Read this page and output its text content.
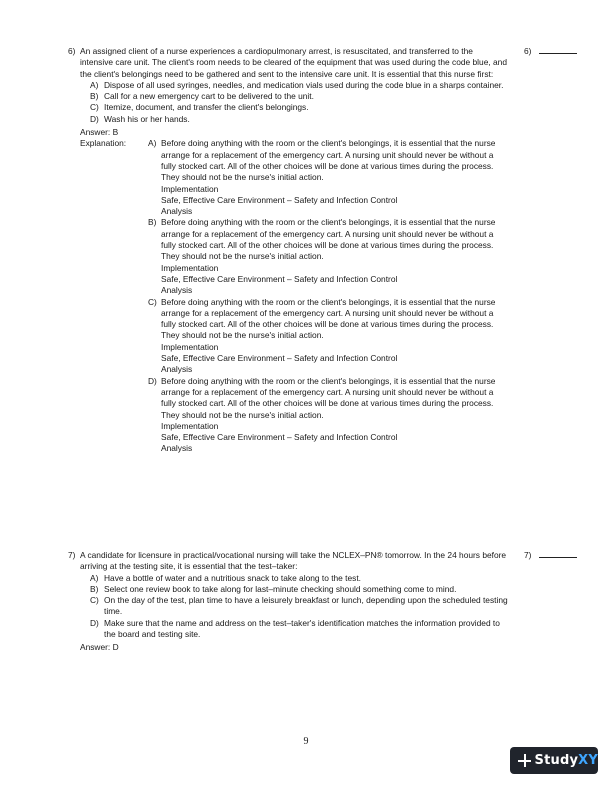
6) An assigned client of a nurse experiences a cardiopulmonary arrest, is resuscitated, and transferred to the intensive care unit. The client's room needs to be cleared of the equipment that was used during the code blue, and the client's belongings need to be gathered and sent to the intensive care unit. It is essential that this nurse first:
A) Dispose of all used syringes, needles, and medication vials used during the code blue in a sharps container.
B) Call for a new emergency cart to be delivered to the unit.
C) Itemize, document, and transfer the client's belongings.
D) Wash his or her hands.
Answer: B
Explanation:	A) Before doing anything with the room or the client's belongings, it is essential that the nurse arrange for a replacement of the emergency cart. A nursing unit should never be without a fully stocked cart. All of the other choices will be done at various times during the process. They should not be the nurse's initial action.
Implementation
Safe, Effective Care Environment – Safety and Infection Control
Analysis
B) Before doing anything with the room or the client's belongings, it is essential that the nurse arrange for a replacement of the emergency cart. A nursing unit should never be without a fully stocked cart. All of the other choices will be done at various times during the process. They should not be the nurse's initial action.
Implementation
Safe, Effective Care Environment – Safety and Infection Control
Analysis
C) Before doing anything with the room or the client's belongings, it is essential that the nurse arrange for a replacement of the emergency cart. A nursing unit should never be without a fully stocked cart. All of the other choices will be done at various times during the process. They should not be the nurse's initial action.
Implementation
Safe, Effective Care Environment – Safety and Infection Control
Analysis
D) Before doing anything with the room or the client's belongings, it is essential that the nurse arrange for a replacement of the emergency cart. A nursing unit should never be without a fully stocked cart. All of the other choices will be done at various times during the process. They should not be the nurse's initial action.
Implementation
Safe, Effective Care Environment – Safety and Infection Control
Analysis
6)
7) A candidate for licensure in practical/vocational nursing will take the NCLEX–PN® tomorrow. In the 24 hours before arriving at the testing site, it is essential that the test–taker:
A) Have a bottle of water and a nutritious snack to take along to the test.
B) Select one review book to take along for last–minute checking should something come to mind.
C) On the day of the test, plan time to have a leisurely breakfast or lunch, depending upon the scheduled testing time.
D) Make sure that the name and address on the test–taker's identification matches the information provided to the board and testing site.
Answer: D
7)
9
StudyXY
